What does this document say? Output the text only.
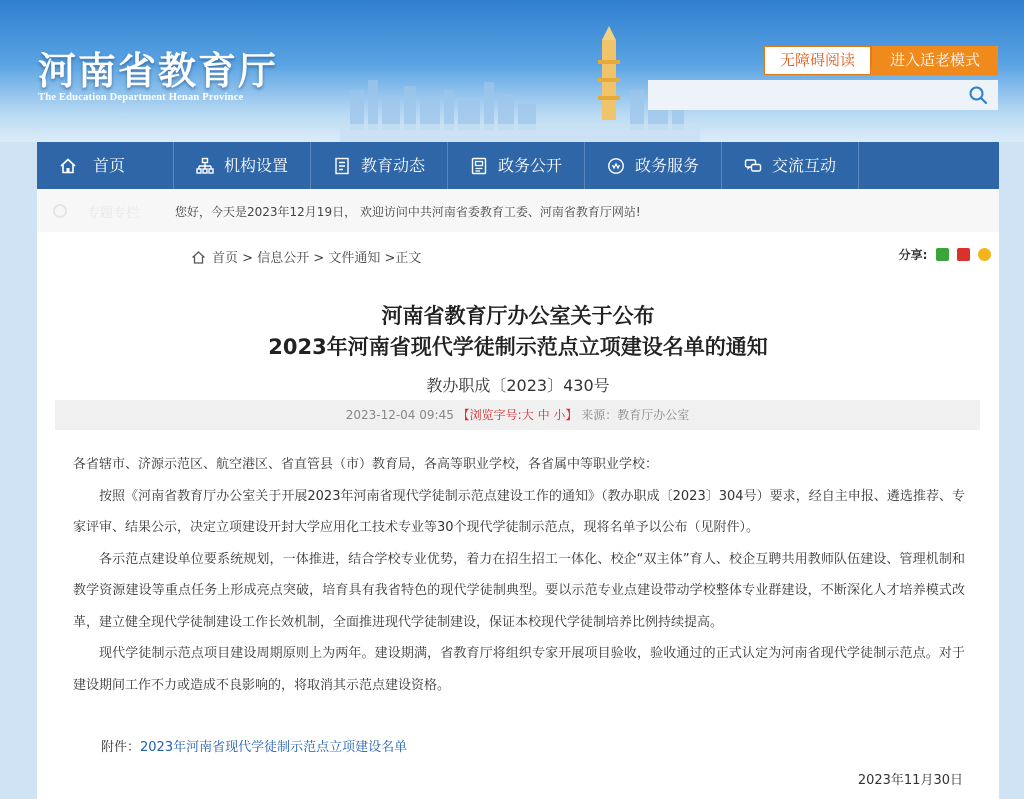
河南省教育厅
The Education Department Henan Province
无障碍阅读	进入适老模式
首页	机构设置	教育动态	政务公开	政务服务	交流互动
专题专栏	您好，今天是2023年12月19日， 欢迎访问中共河南省委教育工委、河南省教育厅网站!
首页 > 信息公开 > 文件通知 >正文	分享:
河南省教育厅办公室关于公布
2023年河南省现代学徒制示范点立项建设名单的通知
教办职成〔2023〕430号
2023-12-04 09:45 【浏览字号:大 中 小】 来源：教育厅办公室

各省辖市、济源示范区、航空港区、省直管县（市）教育局，各高等职业学校，各省属中等职业学校：

按照《河南省教育厅办公室关于开展2023年河南省现代学徒制示范点建设工作的通知》（教办职成〔2023〕304号）要求，经自主申报、遴选推荐、专家评审、结果公示，决定立项建设开封大学应用化工技术专业等30个现代学徒制示范点，现将名单予以公布（见附件）。

各示范点建设单位要系统规划，一体推进，结合学校专业优势，着力在招生招工一体化、校企“双主体”育人、校企互聘共用教师队伍建设、管理机制和教学资源建设等重点任务上形成亮点突破，培育具有我省特色的现代学徒制典型。要以示范专业点建设带动学校整体专业群建设，不断深化人才培养模式改革，建立健全现代学徒制建设工作长效机制，全面推进现代学徒制建设，保证本校现代学徒制培养比例持续提高。

现代学徒制示范点项目建设周期原则上为两年。建设期满，省教育厅将组织专家开展项目验收，验收通过的正式认定为河南省现代学徒制示范点。对于建设期间工作不力或造成不良影响的，将取消其示范点建设资格。

附件：2023年河南省现代学徒制示范点立项建设名单
2023年11月30日
